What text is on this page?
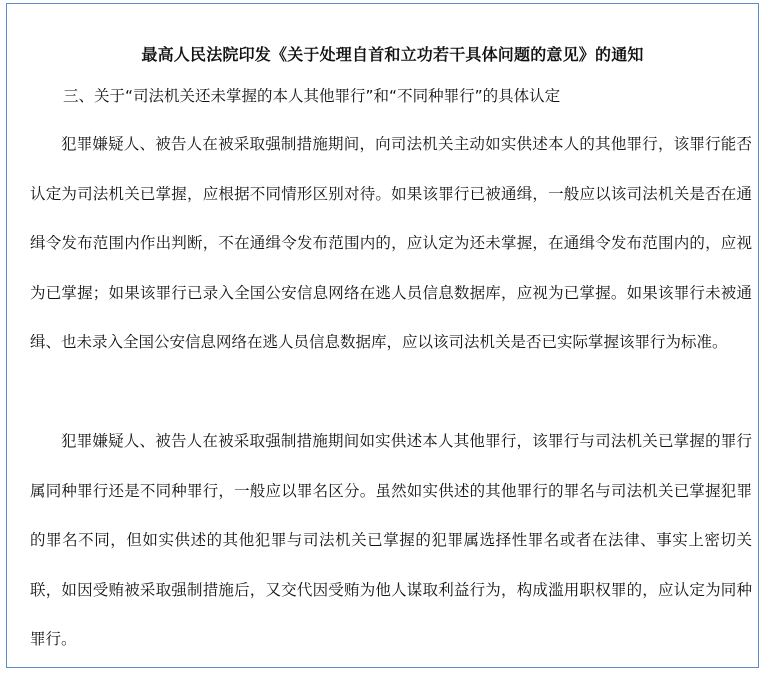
最高人民法院印发《关于处理自首和立功若干具体问题的意见》的通知
三、关于“司法机关还未掌握的本人其他罪行”和“不同种罪行”的具体认定

犯罪嫌疑人、被告人在被采取强制措施期间，向司法机关主动如实供述本人的其他罪行，该罪行能否认定为司法机关已掌握，应根据不同情形区别对待。如果该罪行已被通缉，一般应以该司法机关是否在通缉令发布范围内作出判断，不在通缉令发布范围内的，应认定为还未掌握，在通缉令发布范围内的，应视为已掌握；如果该罪行已录入全国公安信息网络在逃人员信息数据库，应视为已掌握。如果该罪行未被通缉、也未录入全国公安信息网络在逃人员信息数据库，应以该司法机关是否已实际掌握该罪行为标准。

犯罪嫌疑人、被告人在被采取强制措施期间如实供述本人其他罪行，该罪行与司法机关已掌握的罪行属同种罪行还是不同种罪行，一般应以罪名区分。虽然如实供述的其他罪行的罪名与司法机关已掌握犯罪的罪名不同，但如实供述的其他犯罪与司法机关已掌握的犯罪属选择性罪名或者在法律、事实上密切关联，如因受贿被采取强制措施后，又交代因受贿为他人谋取利益行为，构成滥用职权罪的，应认定为同种罪行。
